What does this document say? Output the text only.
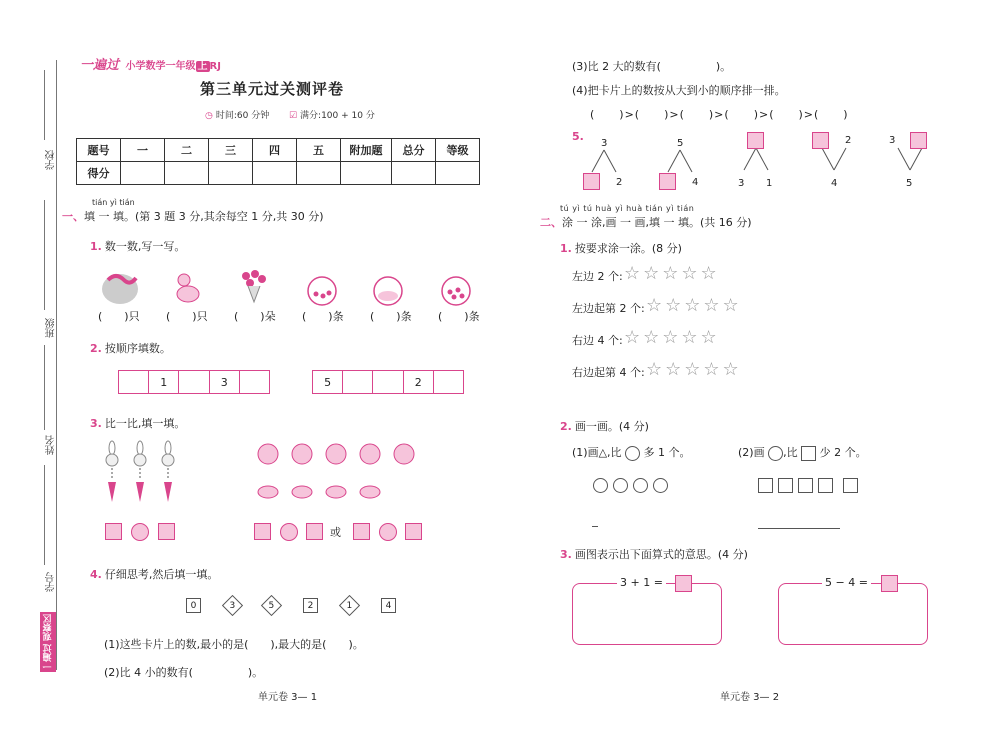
学校
班级
姓名
学号
一遍过 观察区
一遍过 小学数学一年级 上 RJ
第三单元过关测评卷
◷ 时间:60 分钟 ☑ 满分:100 + 10 分
题号	一	二	三	四	五	附加题	总分	等级
得分								
tián yì tián
一、填 一 填。(第 3 题 3 分,其余每空 1 分,共 30 分)
1. 数一数,写一写。
(　　)只 (　　)只 (　　)朵 (　　)条 (　　)条 (　　)条
2. 按顺序填数。
1	3	5	2
3. 比一比,填一填。
或
4. 仔细思考,然后填一填。
0	3	5	2	1	4
(1)这些卡片上的数,最小的是(　　),最大的是(　　)。
(2)比 4 小的数有(　　　　　)。
单元卷 3— 1
(3)比 2 大的数有(　　　　　)。
(4)把卡片上的数按从大到小的顺序排一排。
(　　)>(　　)>(　　)>(　　)>(　　)>(　　)
5.
3
2
5
4	3 1
2
4
3
5
tú yì tú huà yì huà tián yì tián
二、涂 一 涂,画 一 画,填 一 填。(共 16 分)
1. 按要求涂一涂。(8 分)
左边 2 个: ☆☆☆☆☆
左边起第 2 个: ☆☆☆☆☆
右边 4 个: ☆☆☆☆☆
右边起第 4 个: ☆☆☆☆☆
2. 画一画。(4 分)
(1)画△,比 多 1 个。	(2)画 ,比 少 2 个。
3. 画图表示出下面算式的意思。(4 分)
3 + 1 =	5 − 4 =
单元卷 3— 2
